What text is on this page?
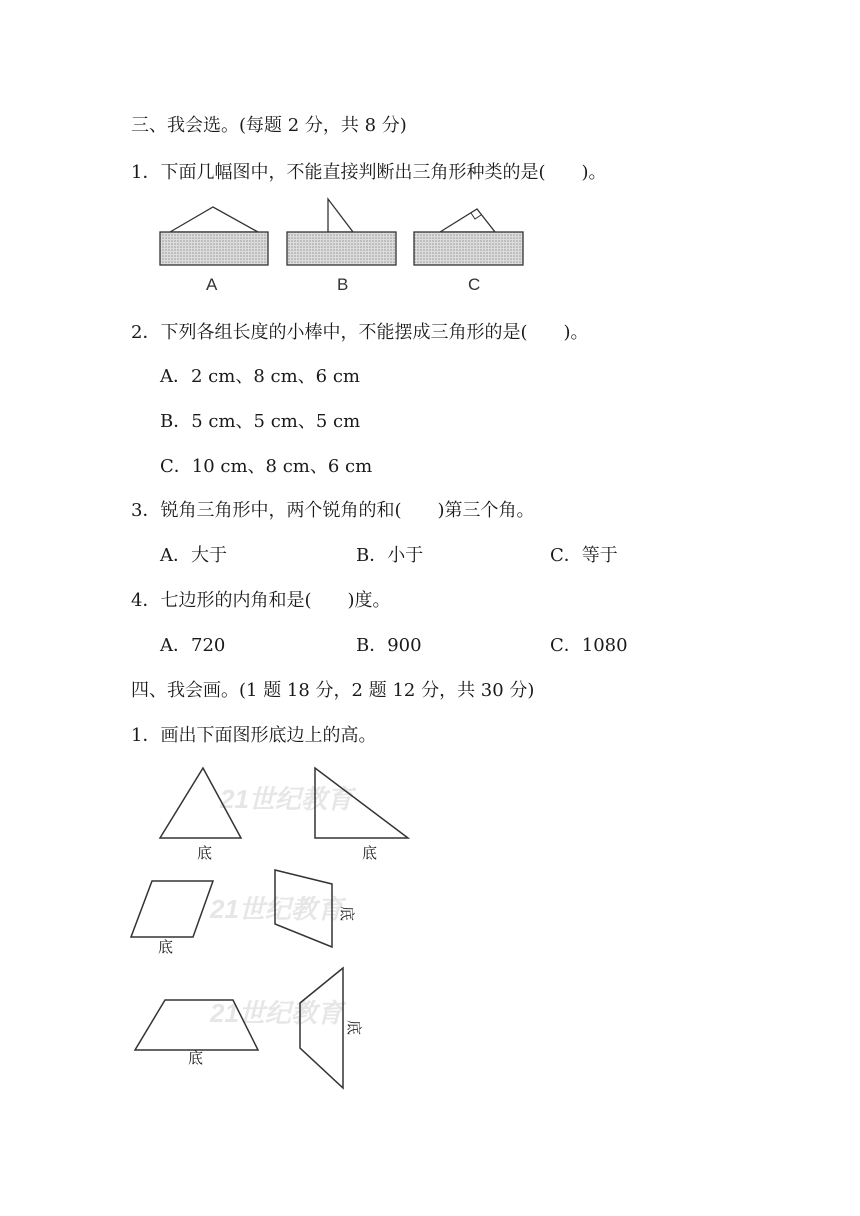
三、我会选。(每题 2 分，共 8 分)
1．下面几幅图中，不能直接判断出三角形种类的是(　　)。
A	B	C
2．下列各组长度的小棒中，不能摆成三角形的是(　　)。
A．2 cm、8 cm、6 cm
B．5 cm、5 cm、5 cm
C．10 cm、8 cm、6 cm
3．锐角三角形中，两个锐角的和(　　)第三个角。
A．大于	B．小于	C．等于
4．七边形的内角和是(　　)度。
A．720	B．900	C．1080
四、我会画。(1 题 18 分，2 题 12 分，共 30 分)
1．画出下面图形底边上的高。
21世纪教育
21世纪教育
21世纪教育
底	底
底
底
底
底
